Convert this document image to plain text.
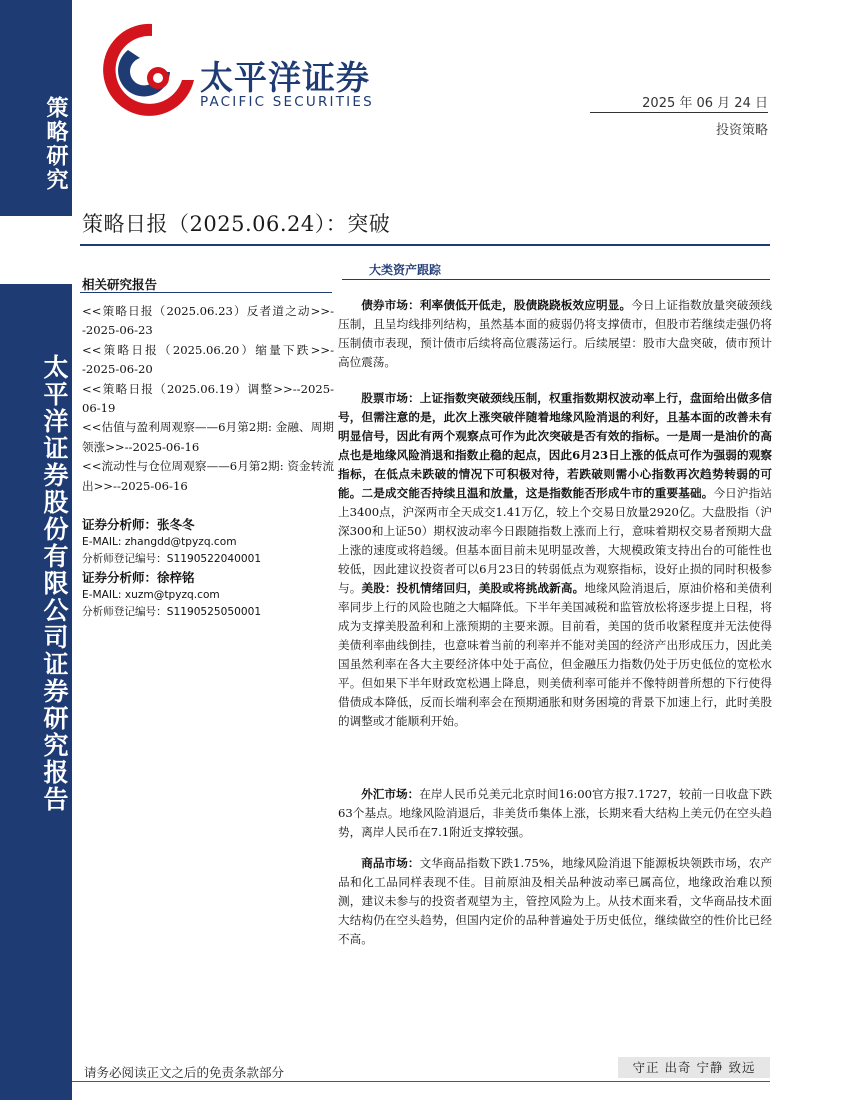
策略研究
太平洋证券股份有限公司证券研究报告
太平洋证券
PACIFIC SECURITIES	2025 年 06 月 24 日
投资策略
策略日报（2025.06.24）：突破
相关研究报告
<<策略日报（2025.06.23）反者道之动>>--2025-06-23
<<策略日报（2025.06.20）缩量下跌>>--2025-06-20
<<策略日报（2025.06.19）调整>>--2025-06-19
<<估值与盈利周观察——6月第2期: 金融、周期领涨>>--2025-06-16
<<流动性与仓位周观察——6月第2期: 资金转流出>>--2025-06-16
证券分析师：张冬冬
E-MAIL: zhangdd@tpyzq.com
分析师登记编号：S1190522040001
证券分析师：徐梓铭
E-MAIL: xuzm@tpyzq.com
分析师登记编号：S1190525050001
大类资产跟踪

债券市场：利率债低开低走，股债跷跷板效应明显。今日上证指数放量突破颈线压制，且呈均线排列结构，虽然基本面的疲弱仍将支撑债市，但股市若继续走强仍将压制债市表现，预计债市后续将高位震荡运行。后续展望：股市大盘突破，债市预计高位震荡。

股票市场：上证指数突破颈线压制，权重指数期权波动率上行，盘面给出做多信号，但需注意的是，此次上涨突破伴随着地缘风险消退的利好，且基本面的改善未有明显信号，因此有两个观察点可作为此次突破是否有效的指标。一是周一是油价的高点也是地缘风险消退和指数止稳的起点，因此6月23日上涨的低点可作为强弱的观察指标，在低点未跌破的情况下可积极对待，若跌破则需小心指数再次趋势转弱的可能。二是成交能否持续且温和放量，这是指数能否形成牛市的重要基础。今日沪指站上3400点，沪深两市全天成交1.41万亿，较上个交易日放量2920亿。大盘股指（沪深300和上证50）期权波动率今日跟随指数上涨而上行，意味着期权交易者预期大盘上涨的速度或将趋缓。但基本面目前未见明显改善，大规模政策支持出台的可能性也较低，因此建议投资者可以6月23日的转弱低点为观察指标，设好止损的同时积极参与。美股：投机情绪回归，美股或将挑战新高。地缘风险消退后，原油价格和美债利率同步上行的风险也随之大幅降低。下半年美国减税和监管放松将逐步提上日程，将成为支撑美股盈利和上涨预期的主要来源。目前看，美国的货币收紧程度并无法使得美债利率曲线倒挂，也意味着当前的利率并不能对美国的经济产出形成压力，因此美国虽然利率在各大主要经济体中处于高位，但金融压力指数仍处于历史低位的宽松水平。但如果下半年财政宽松遇上降息，则美债利率可能并不像特朗普所想的下行使得借债成本降低，反而长端利率会在预期通胀和财务困境的背景下加速上行，此时美股的调整或才能顺利开始。

外汇市场：在岸人民币兑美元北京时间16:00官方报7.1727，较前一日收盘下跌63个基点。地缘风险消退后，非美货币集体上涨，长期来看大结构上美元仍在空头趋势，离岸人民币在7.1附近支撑较强。

商品市场：文华商品指数下跌1.75%，地缘风险消退下能源板块领跌市场，农产品和化工品同样表现不佳。目前原油及相关品种波动率已属高位，地缘政治难以预测，建议未参与的投资者观望为主，管控风险为上。从技术面来看，文华商品技术面大结构仍在空头趋势，但国内定价的品种普遍处于历史低位，继续做空的性价比已经不高。

请务必阅读正文之后的免责条款部分	守正 出奇 宁静 致远
